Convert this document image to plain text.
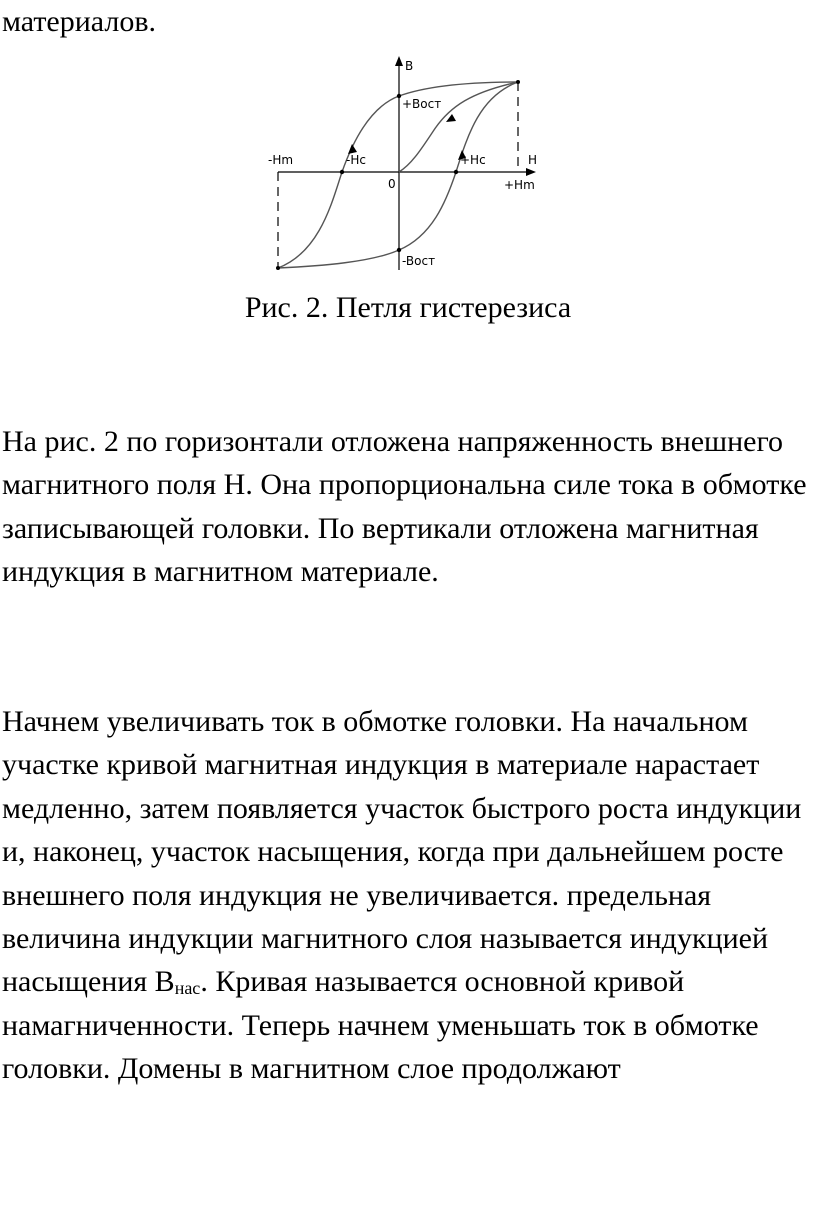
материалов.

B
H
+Bост
-Bост
-Hm
+Hm
-Hc	+Hc
0

Рис. 2. Петля гистерезиса

На рис. 2 по горизонтали отложена напряженность внешнего магнитного поля H. Она пропорциональна силе тока в обмотке записывающей головки. По вертикали отложена магнитная индукция в магнитном материале.

Начнем увеличивать ток в обмотке головки. На начальном участке кривой магнитная индукция в материале нарастает медленно, затем появляется участок быстрого роста индукции и, наконец, участок насыщения, когда при дальнейшем росте внешнего поля индукция не увеличивается. предельная величина индукции магнитного слоя называется индукцией насыщения $B_{нас}$. Кривая называется основной кривой намагниченности. Теперь начнем уменьшать ток в обмотке головки. Домены в магнитном слое продолжают
